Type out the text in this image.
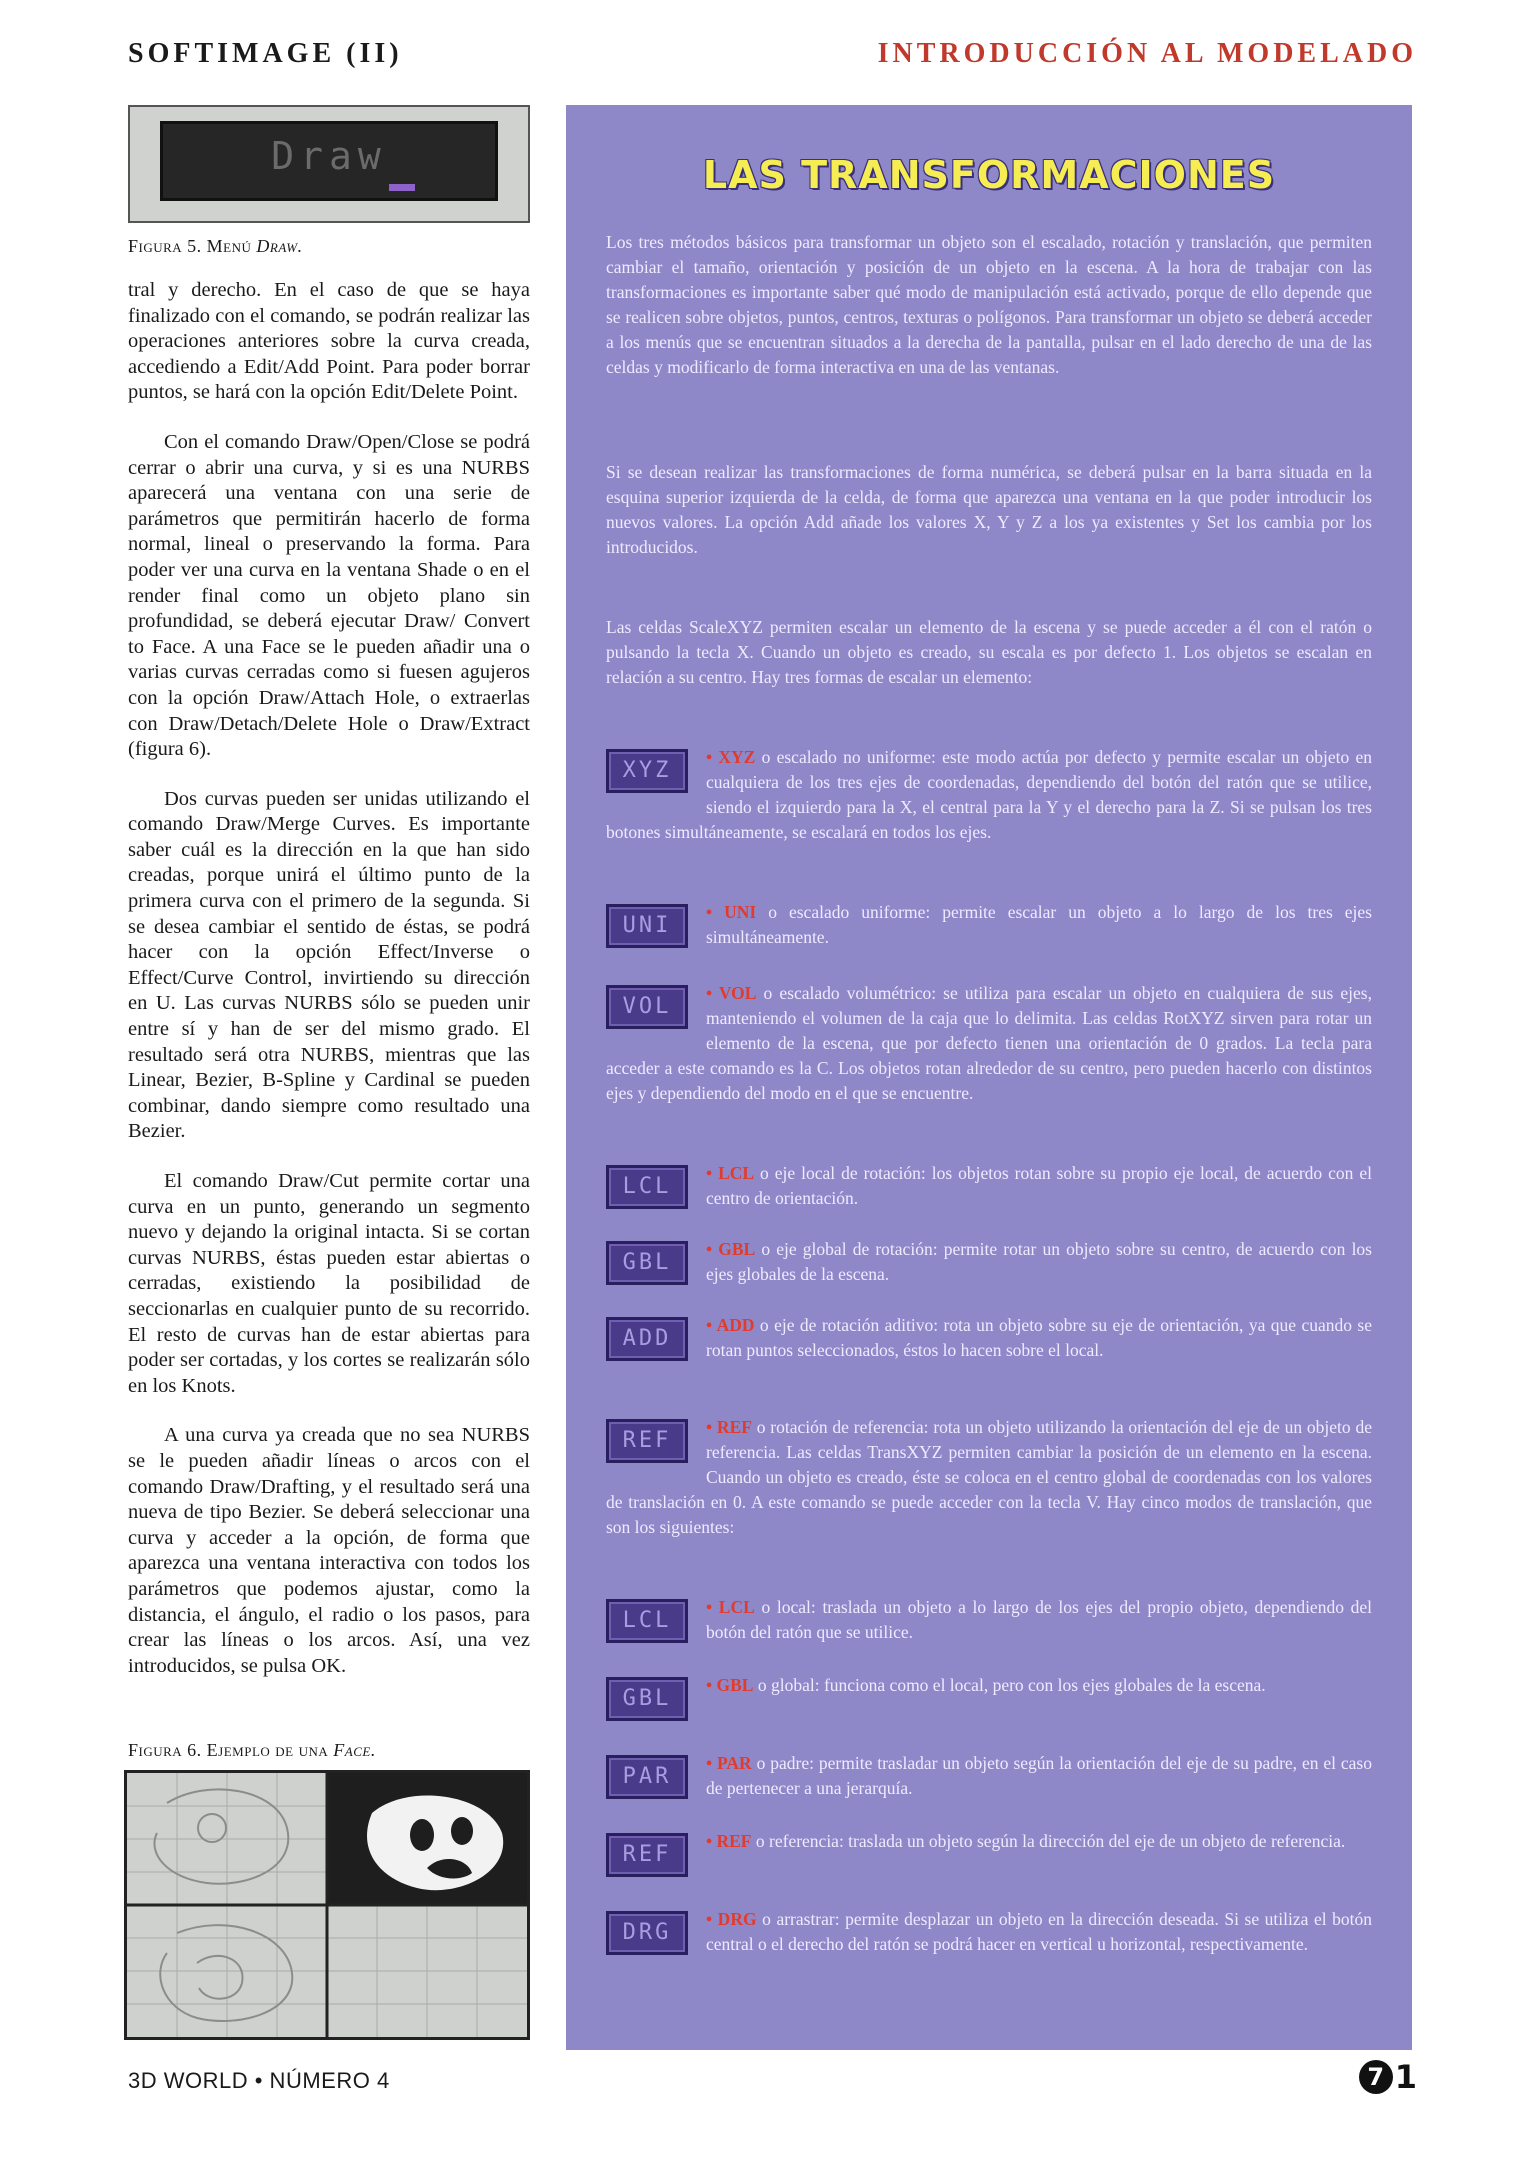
SOFTIMAGE (II)	INTRODUCCIÓN AL MODELADO
Draw
Figura 5. Menú Draw.

tral y derecho. En el caso de que se haya finalizado con el comando, se podrán realizar las operaciones anteriores sobre la curva creada, accediendo a Edit/Add Point. Para poder borrar puntos, se hará con la opción Edit/Delete Point.

Con el comando Draw/Open/Close se podrá cerrar o abrir una curva, y si es una NURBS aparecerá una ventana con una serie de parámetros que permitirán hacerlo de forma normal, lineal o preservando la forma. Para poder ver una curva en la ventana Shade o en el render final como un objeto plano sin profundidad, se deberá ejecutar Draw/ Convert to Face. A una Face se le pueden añadir una o varias curvas cerradas como si fuesen agujeros con la opción Draw/Attach Hole, o extraerlas con Draw/Detach/Delete Hole o Draw/Extract (figura 6).

Dos curvas pueden ser unidas utilizando el comando Draw/Merge Curves. Es importante saber cuál es la dirección en la que han sido creadas, porque unirá el último punto de la primera curva con el primero de la segunda. Si se desea cambiar el sentido de éstas, se podrá hacer con la opción Effect/Inverse o Effect/Curve Control, invirtiendo su dirección en U. Las curvas NURBS sólo se pueden unir entre sí y han de ser del mismo grado. El resultado será otra NURBS, mientras que las Linear, Bezier, B-Spline y Cardinal se pueden combinar, dando siempre como resultado una Bezier.

El comando Draw/Cut permite cortar una curva en un punto, generando un segmento nuevo y dejando la original intacta. Si se cortan curvas NURBS, éstas pueden estar abiertas o cerradas, existiendo la posibilidad de seccionarlas en cualquier punto de su recorrido. El resto de curvas han de estar abiertas para poder ser cortadas, y los cortes se realizarán sólo en los Knots.

A una curva ya creada que no sea NURBS se le pueden añadir líneas o arcos con el comando Draw/Drafting, y el resultado será una nueva de tipo Bezier. Se deberá seleccionar una curva y acceder a la opción, de forma que aparezca una ventana interactiva con todos los parámetros que podemos ajustar, como la distancia, el ángulo, el radio o los pasos, para crear las líneas o los arcos. Así, una vez introducidos, se pulsa OK.

Figura 6. Ejemplo de una Face.
LAS TRANSFORMACIONES

Los tres métodos básicos para transformar un objeto son el escalado, rotación y translación, que permiten cambiar el tamaño, orientación y posición de un objeto en la escena. A la hora de trabajar con las transformaciones es importante saber qué modo de manipulación está activado, porque de ello depende que se realicen sobre objetos, puntos, centros, texturas o polígonos. Para transformar un objeto se deberá acceder a los menús que se encuentran situados a la derecha de la pantalla, pulsar en el lado derecho de una de las celdas y modificarlo de forma interactiva en una de las ventanas.

Si se desean realizar las transformaciones de forma numérica, se deberá pulsar en la barra situada en la esquina superior izquierda de la celda, de forma que aparezca una ventana en la que poder introducir los nuevos valores. La opción Add añade los valores X, Y y Z a los ya existentes y Set los cambia por los introducidos.

Las celdas ScaleXYZ permiten escalar un elemento de la escena y se puede acceder a él con el ratón o pulsando la tecla X. Cuando un objeto es creado, su escala es por defecto 1. Los objetos se escalan en relación a su centro. Hay tres formas de escalar un elemento:

XYZ
• XYZ o escalado no uniforme: este modo actúa por defecto y permite escalar un objeto en cualquiera de los tres ejes de coordenadas, dependiendo del botón del ratón que se utilice, siendo el izquierdo para la X, el central para la Y y el derecho para la Z. Si se pulsan los tres botones simultáneamente, se escalará en todos los ejes.
UNI
• UNI o escalado uniforme: permite escalar un objeto a lo largo de los tres ejes simultáneamente.
VOL
• VOL o escalado volumétrico: se utiliza para escalar un objeto en cualquiera de sus ejes, manteniendo el volumen de la caja que lo delimita. Las celdas RotXYZ sirven para rotar un elemento de la escena, que por defecto tienen una orientación de 0 grados. La tecla para acceder a este comando es la C. Los objetos rotan alrededor de su centro, pero pueden hacerlo con distintos ejes y dependiendo del modo en el que se encuentre.
LCL
• LCL o eje local de rotación: los objetos rotan sobre su propio eje local, de acuerdo con el centro de orientación.
GBL
• GBL o eje global de rotación: permite rotar un objeto sobre su centro, de acuerdo con los ejes globales de la escena.
ADD
• ADD o eje de rotación aditivo: rota un objeto sobre su eje de orientación, ya que cuando se rotan puntos seleccionados, éstos lo hacen sobre el local.
REF
• REF o rotación de referencia: rota un objeto utilizando la orientación del eje de un objeto de referencia. Las celdas TransXYZ permiten cambiar la posición de un elemento en la escena. Cuando un objeto es creado, éste se coloca en el centro global de coordenadas con los valores de translación en 0. A este comando se puede acceder con la tecla V. Hay cinco modos de translación, que son los siguientes:
LCL
• LCL o local: traslada un objeto a lo largo de los ejes del propio objeto, dependiendo del botón del ratón que se utilice.
GBL
• GBL o global: funciona como el local, pero con los ejes globales de la escena.
PAR
• PAR o padre: permite trasladar un objeto según la orientación del eje de su padre, en el caso de pertenecer a una jerarquía.
REF
• REF o referencia: traslada un objeto según la dirección del eje de un objeto de referencia.
DRG
• DRG o arrastrar: permite desplazar un objeto en la dirección deseada. Si se utiliza el botón central o el derecho del ratón se podrá hacer en vertical u horizontal, respectivamente.
3D WORLD • NÚMERO 4	7 1
